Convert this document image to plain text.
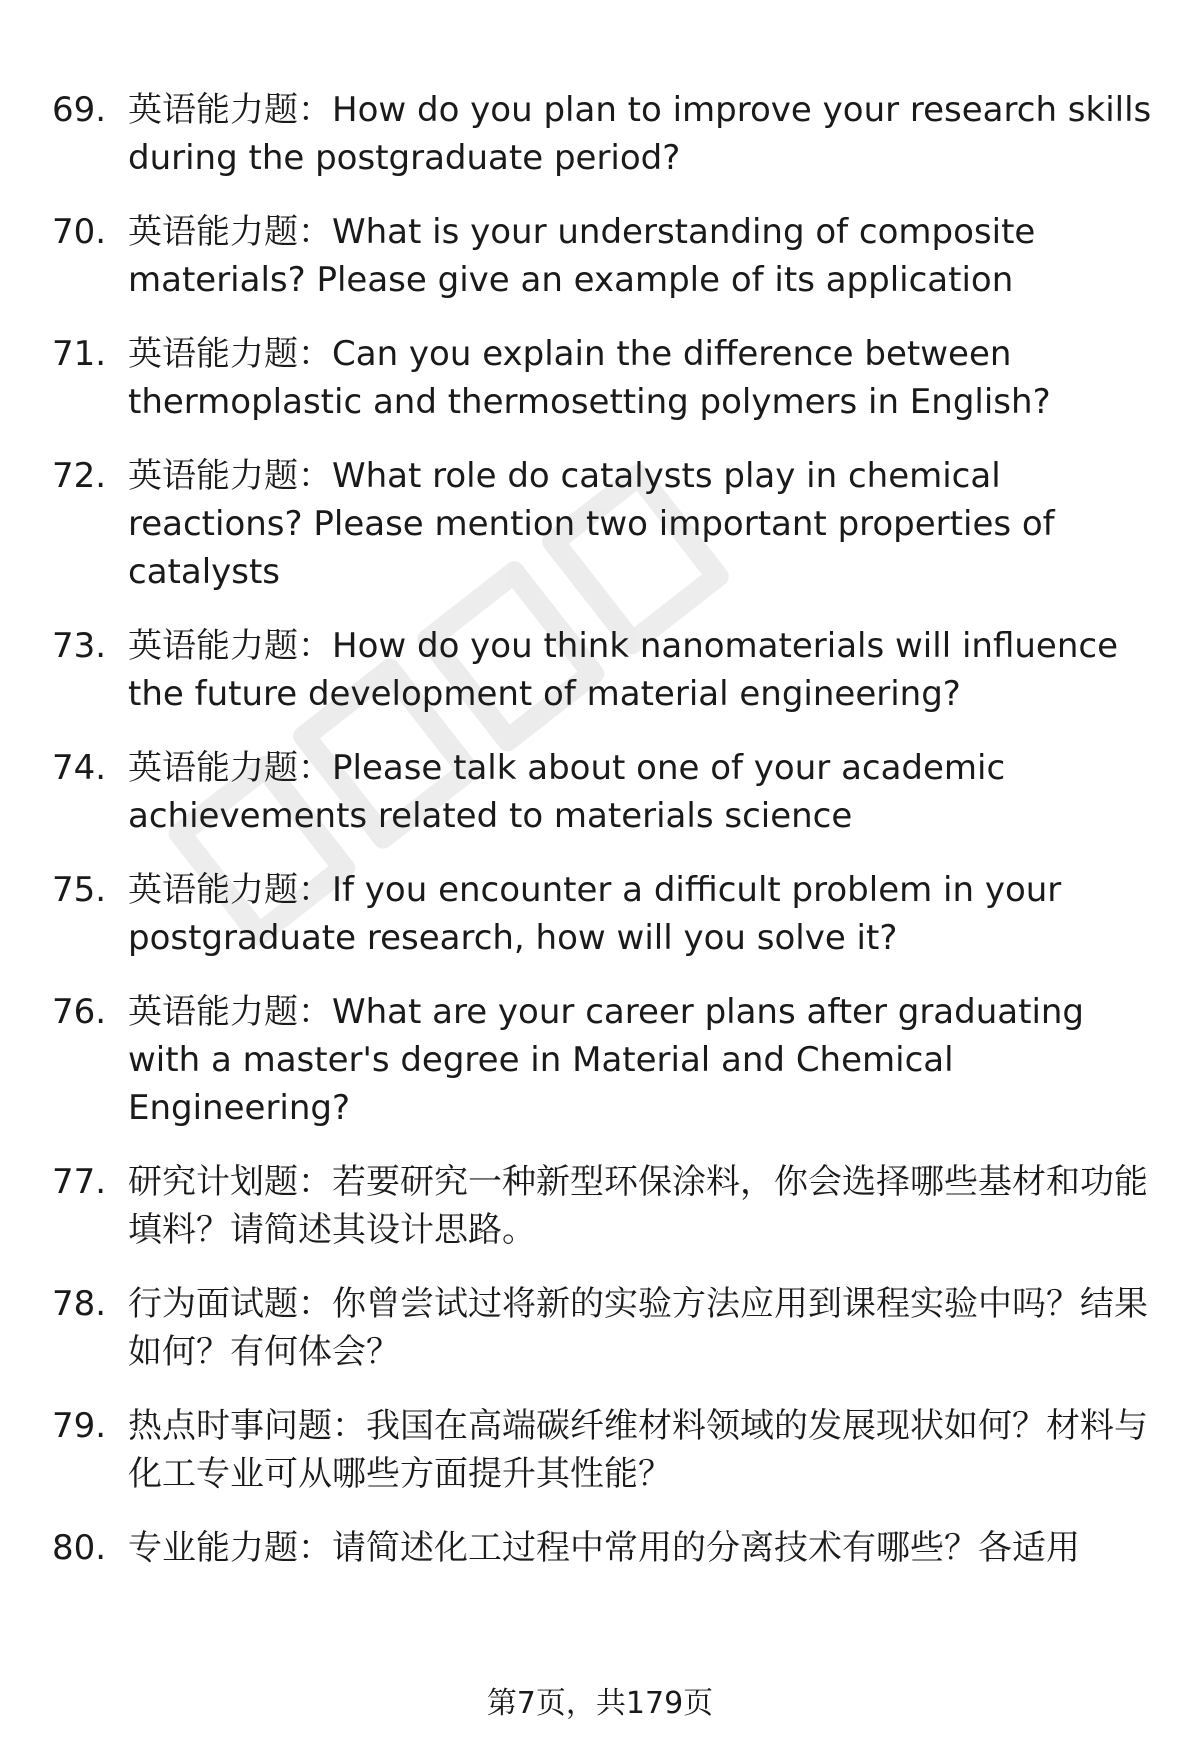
69. 英语能力题：How do you plan to improve your research skills during the postgraduate period?
70. 英语能力题：What is your understanding of composite materials? Please give an example of its application
71. 英语能力题：Can you explain the difference between thermoplastic and thermosetting polymers in English?
72. 英语能力题：What role do catalysts play in chemical reactions? Please mention two important properties of catalysts
73. 英语能力题：How do you think nanomaterials will influence the future development of material engineering?
74. 英语能力题：Please talk about one of your academic achievements related to materials science
75. 英语能力题：If you encounter a difficult problem in your postgraduate research, how will you solve it?
76. 英语能力题：What are your career plans after graduating with a master's degree in Material and Chemical Engineering?
77. 研究计划题：若要研究一种新型环保涂料，你会选择哪些基材和功能填料？请简述其设计思路。
78. 行为面试题：你曾尝试过将新的实验方法应用到课程实验中吗？结果如何？有何体会？
79. 热点时事问题：我国在高端碳纤维材料领域的发展现状如何？材料与化工专业可从哪些方面提升其性能？
80. 专业能力题：请简述化工过程中常用的分离技术有哪些？各适用
第7页，共179页
